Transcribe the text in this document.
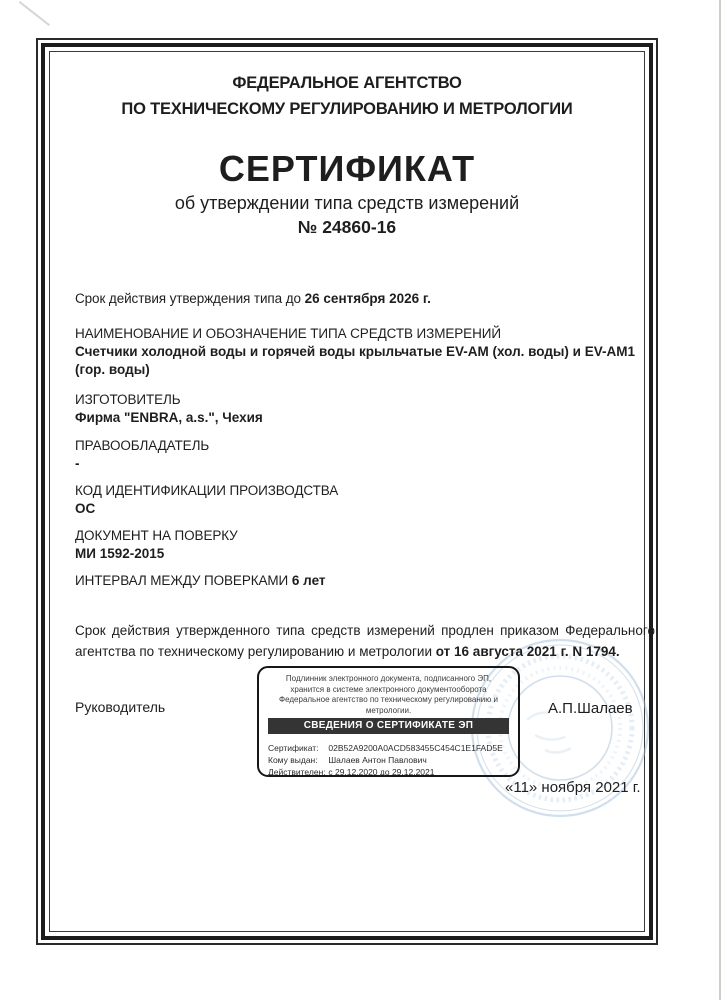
ФЕДЕРАЛЬНОЕ АГЕНТСТВО
ПО ТЕХНИЧЕСКОМУ РЕГУЛИРОВАНИЮ И МЕТРОЛОГИИ
СЕРТИФИКАТ
об утверждении типа средств измерений
№ 24860-16
Срок действия утверждения типа до 26 сентября 2026 г.
НАИМЕНОВАНИЕ И ОБОЗНАЧЕНИЕ ТИПА СРЕДСТВ ИЗМЕРЕНИЙ
Счетчики холодной воды и горячей воды крыльчатые EV-AM (хол. воды) и EV-AM1 (гор. воды)
ИЗГОТОВИТЕЛЬ
Фирма "ENBRA, a.s.", Чехия
ПРАВООБЛАДАТЕЛЬ
-
КОД ИДЕНТИФИКАЦИИ ПРОИЗВОДСТВА
ОС
ДОКУМЕНТ НА ПОВЕРКУ
МИ 1592-2015
ИНТЕРВАЛ МЕЖДУ ПОВЕРКАМИ 6 лет
Срок действия утвержденного типа средств измерений продлен приказом Федерального агентства по техническому регулированию и метрологии от 16 августа 2021 г. N 1794.
Подлинник электронного документа, подписанного ЭП,
хранится в системе электронного документооборота
Федеральное агентство по техническому регулированию и
метрологии.
СВЕДЕНИЯ О СЕРТИФИКАТЕ ЭП
Сертификат: 02B52A9200A0ACD583455C454C1E1FAD5E
Кому выдан: Шалаев Антон Павлович
Действителен: с 29.12.2020 до 29.12.2021
Руководитель	А.П.Шалаев
«11» ноября 2021 г.
